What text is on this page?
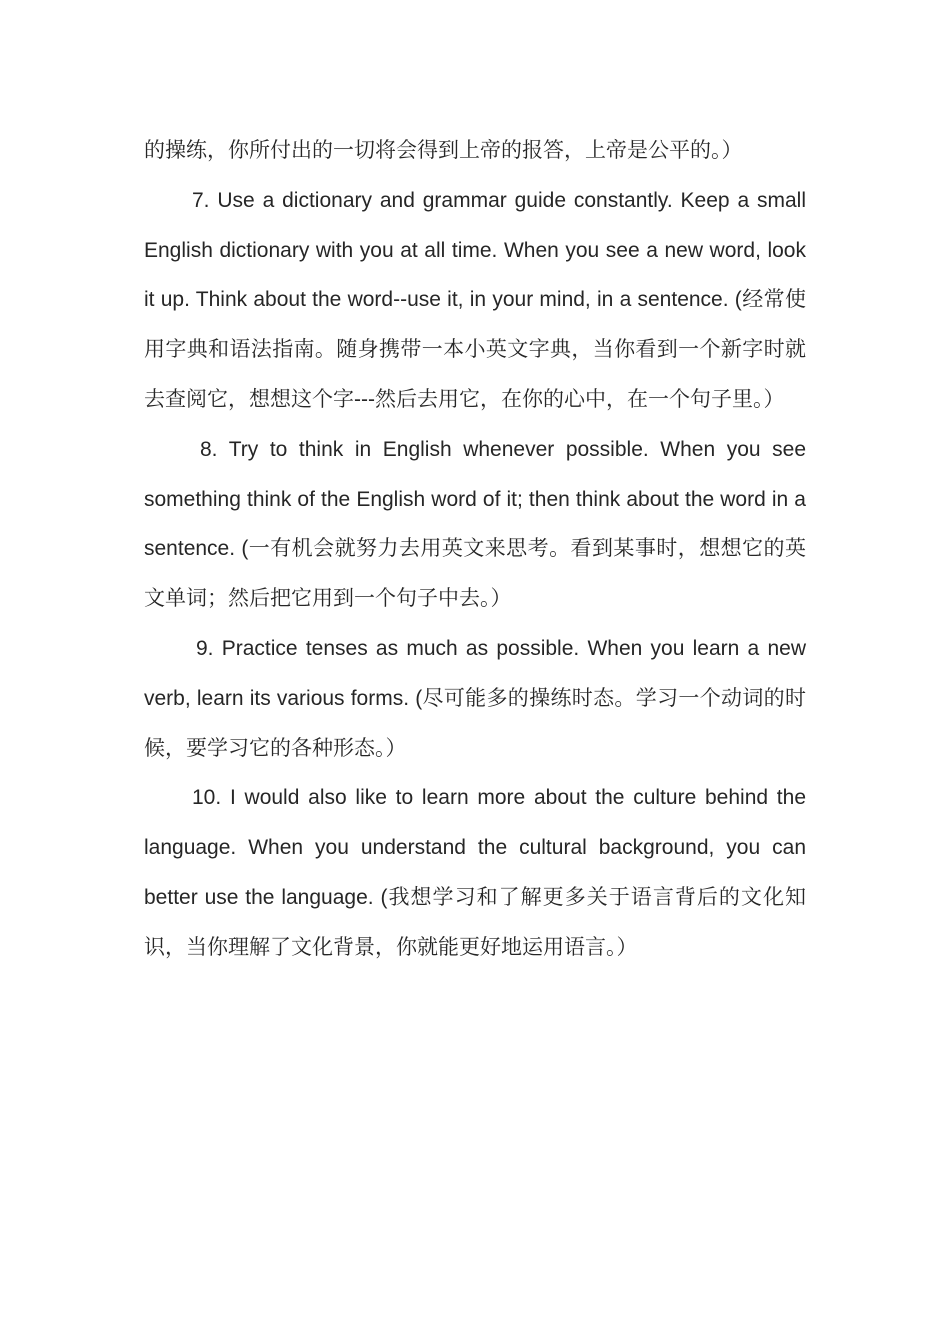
的操练，你所付出的一切将会得到上帝的报答，上帝是公平的。）

7. Use a dictionary and grammar guide constantly. Keep a small English dictionary with you at all time. When you see a new word, look it up. Think about the word--use it, in your mind, in a sentence. (经常使用字典和语法指南。随身携带一本小英文字典，当你看到一个新字时就去查阅它，想想这个字---然后去用它，在你的心中，在一个句子里。）

8. Try to think in English whenever possible. When you see something think of the English word of it; then think about the word in a sentence. (一有机会就努力去用英文来思考。看到某事时，想想它的英文单词；然后把它用到一个句子中去。）

9. Practice tenses as much as possible. When you learn a new verb, learn its various forms. (尽可能多的操练时态。学习一个动词的时候，要学习它的各种形态。）

10. I would also like to learn more about the culture behind the language. When you understand the cultural background, you can better use the language. (我想学习和了解更多关于语言背后的文化知识，当你理解了文化背景，你就能更好地运用语言。）
